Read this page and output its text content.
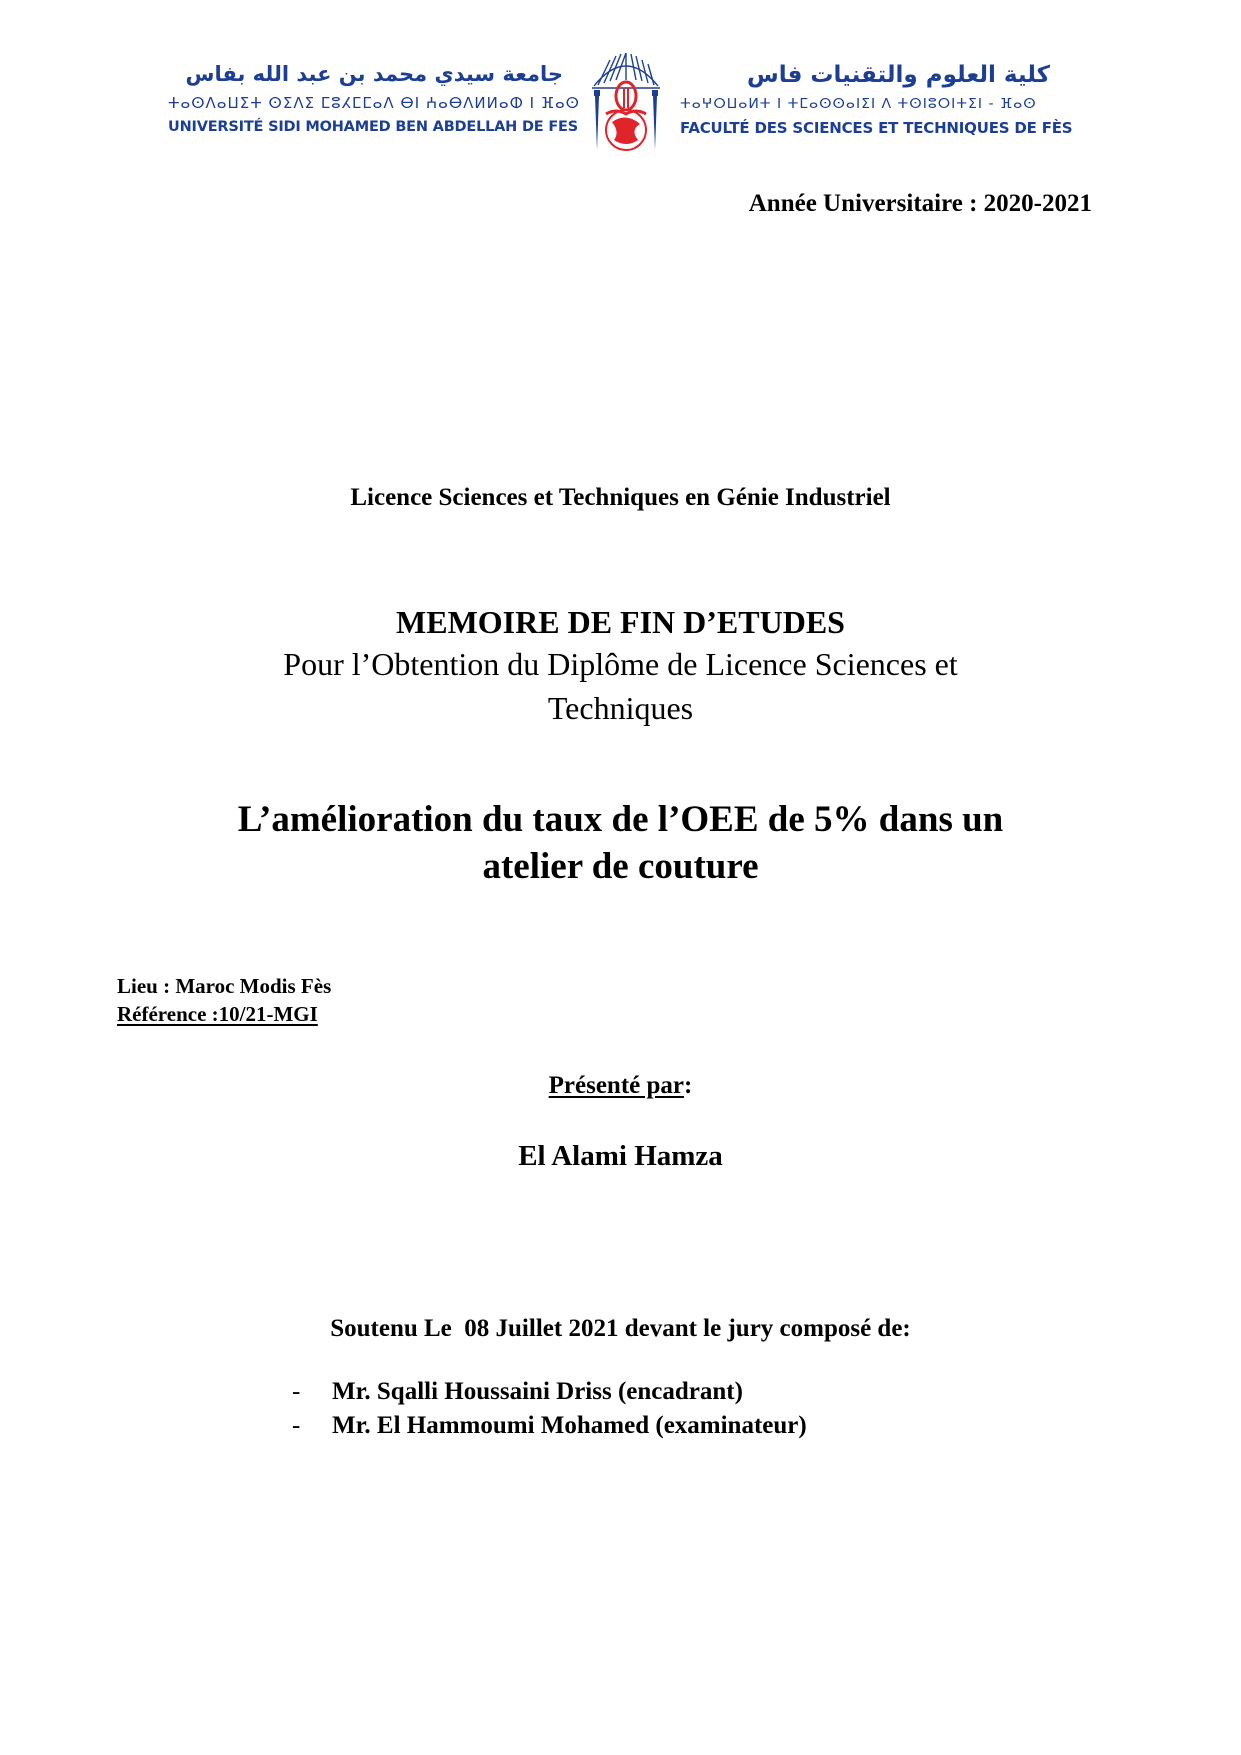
جامعة سيدي محمد بن عبد الله بفاس
ⵜⴰⵙⴷⴰⵡⵉⵜ ⵙⵉⴷⵉ ⵎⵓⵃⵎⵎⴰⴷ ⴱⵏ ⵄⴰⴱⴷⵍⵍⴰⵀ ⵏ ⴼⴰⵙ
UNIVERSITÉ SIDI MOHAMED BEN ABDELLAH DE FES
كلية العلوم والتقنيات فاس
ⵜⴰⵖⵔⵡⴰⵍⵜ ⵏ ⵜⵎⴰⵙⵙⴰⵏⵉⵏ ⴷ ⵜⵙⵏⵓⵔⵏⵜⵉⵏ - ⴼⴰⵙ
FACULTÉ DES SCIENCES ET TECHNIQUES DE FÈS
Année Universitaire : 2020-2021
Licence Sciences et Techniques en Génie Industriel
MEMOIRE DE FIN D’ETUDES
Pour l’Obtention du Diplôme de Licence Sciences et
Techniques
L’amélioration du taux de l’OEE de 5% dans un
atelier de couture
Lieu : Maroc Modis Fès
Référence :10/21-MGI
Présenté par:
El Alami Hamza
Soutenu Le  08 Juillet 2021 devant le jury composé de:
-	Mr. Sqalli Houssaini Driss (encadrant)
-	Mr. El Hammoumi Mohamed (examinateur)
